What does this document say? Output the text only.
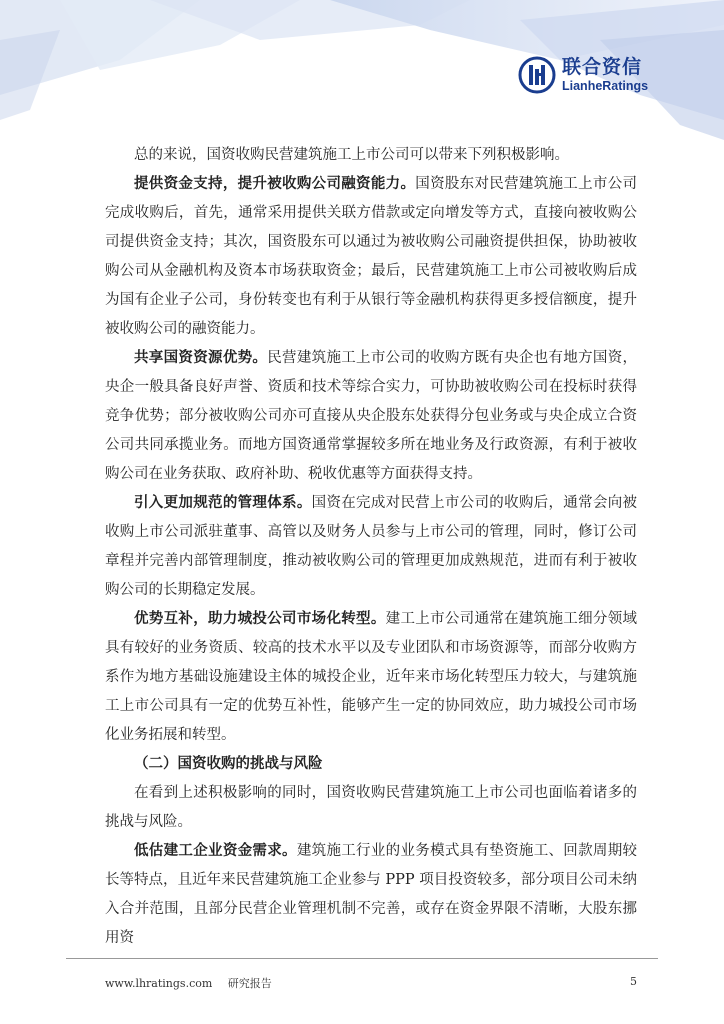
联合资信
LianheRatings

总的来说，国资收购民营建筑施工上市公司可以带来下列积极影响。

提供资金支持，提升被收购公司融资能力。国资股东对民营建筑施工上市公司完成收购后，首先，通常采用提供关联方借款或定向增发等方式，直接向被收购公司提供资金支持；其次，国资股东可以通过为被收购公司融资提供担保，协助被收购公司从金融机构及资本市场获取资金；最后，民营建筑施工上市公司被收购后成为国有企业子公司，身份转变也有利于从银行等金融机构获得更多授信额度，提升被收购公司的融资能力。

共享国资资源优势。民营建筑施工上市公司的收购方既有央企也有地方国资，央企一般具备良好声誉、资质和技术等综合实力，可协助被收购公司在投标时获得竞争优势；部分被收购公司亦可直接从央企股东处获得分包业务或与央企成立合资公司共同承揽业务。而地方国资通常掌握较多所在地业务及行政资源，有利于被收购公司在业务获取、政府补助、税收优惠等方面获得支持。

引入更加规范的管理体系。国资在完成对民营上市公司的收购后，通常会向被收购上市公司派驻董事、高管以及财务人员参与上市公司的管理，同时，修订公司章程并完善内部管理制度，推动被收购公司的管理更加成熟规范，进而有利于被收购公司的长期稳定发展。

优势互补，助力城投公司市场化转型。建工上市公司通常在建筑施工细分领域具有较好的业务资质、较高的技术水平以及专业团队和市场资源等，而部分收购方系作为地方基础设施建设主体的城投企业，近年来市场化转型压力较大，与建筑施工上市公司具有一定的优势互补性，能够产生一定的协同效应，助力城投公司市场化业务拓展和转型。

（二）国资收购的挑战与风险

在看到上述积极影响的同时，国资收购民营建筑施工上市公司也面临着诸多的挑战与风险。

低估建工企业资金需求。建筑施工行业的业务模式具有垫资施工、回款周期较长等特点，且近年来民营建筑施工企业参与 PPP 项目投资较多，部分项目公司未纳入合并范围，且部分民营企业管理机制不完善，或存在资金界限不清晰，大股东挪用资

www.lhratings.com 研究报告	5
